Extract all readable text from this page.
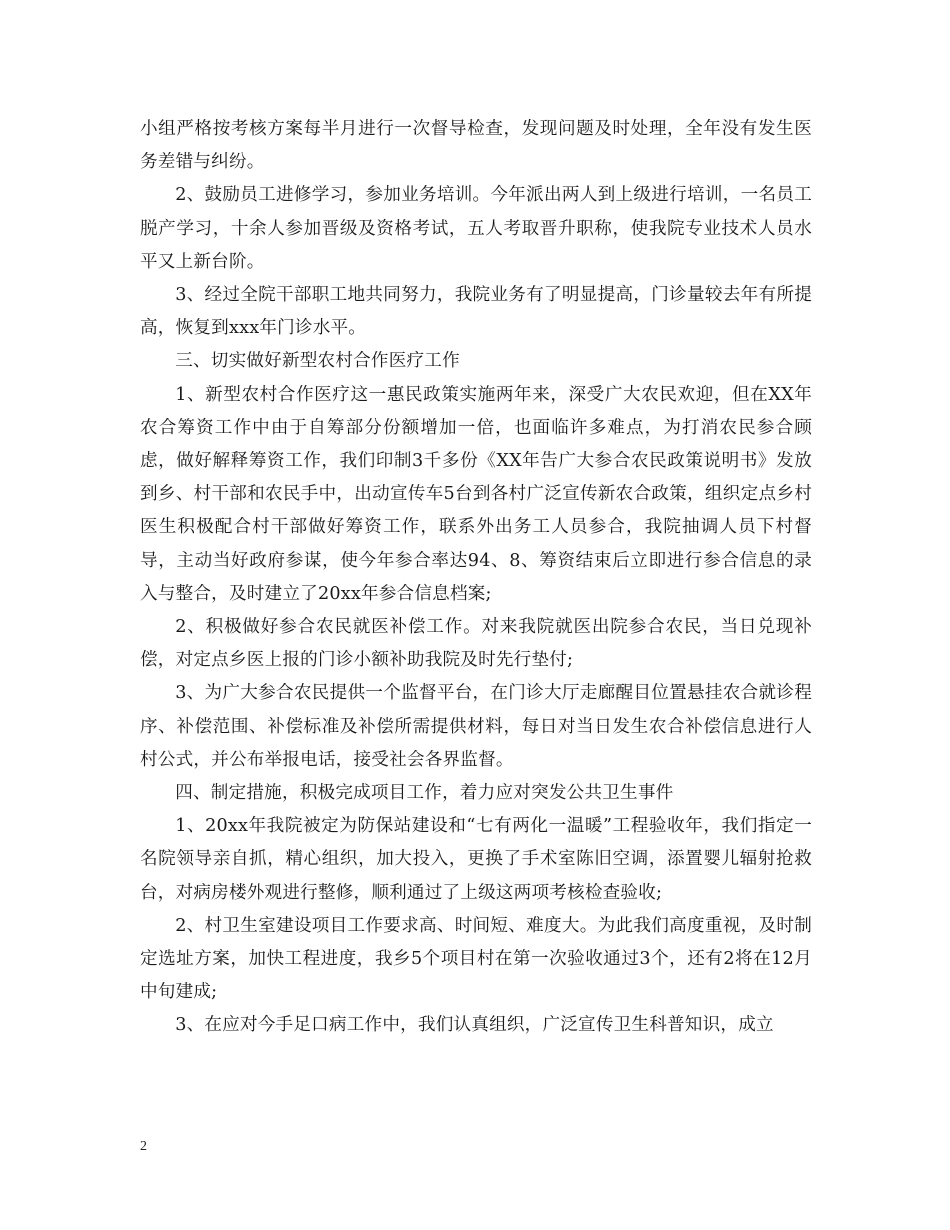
小组严格按考核方案每半月进行一次督导检查，发现问题及时处理，全年没有发生医务差错与纠纷。

2、鼓励员工进修学习，参加业务培训。今年派出两人到上级进行培训，一名员工脱产学习，十余人参加晋级及资格考试，五人考取晋升职称，使我院专业技术人员水平又上新台阶。

3、经过全院干部职工地共同努力，我院业务有了明显提高，门诊量较去年有所提高，恢复到xxx年门诊水平。

三、切实做好新型农村合作医疗工作

1、新型农村合作医疗这一惠民政策实施两年来，深受广大农民欢迎，但在XX年农合筹资工作中由于自筹部分份额增加一倍，也面临许多难点，为打消农民参合顾虑，做好解释筹资工作，我们印制3千多份《XX年告广大参合农民政策说明书》发放到乡、村干部和农民手中，出动宣传车5台到各村广泛宣传新农合政策，组织定点乡村医生积极配合村干部做好筹资工作，联系外出务工人员参合，我院抽调人员下村督导，主动当好政府参谋，使今年参合率达94、8、筹资结束后立即进行参合信息的录入与整合，及时建立了20xx年参合信息档案;

2、积极做好参合农民就医补偿工作。对来我院就医出院参合农民，当日兑现补偿，对定点乡医上报的门诊小额补助我院及时先行垫付;

3、为广大参合农民提供一个监督平台，在门诊大厅走廊醒目位置悬挂农合就诊程序、补偿范围、补偿标准及补偿所需提供材料，每日对当日发生农合补偿信息进行人村公式，并公布举报电话，接受社会各界监督。

四、制定措施，积极完成项目工作，着力应对突发公共卫生事件

1、20xx年我院被定为防保站建设和“七有两化一温暖”工程验收年，我们指定一名院领导亲自抓，精心组织，加大投入，更换了手术室陈旧空调，添置婴儿辐射抢救台，对病房楼外观进行整修，顺利通过了上级这两项考核检查验收;

2、村卫生室建设项目工作要求高、时间短、难度大。为此我们高度重视，及时制定选址方案，加快工程进度，我乡5个项目村在第一次验收通过3个，还有2将在12月中旬建成;

3、在应对今手足口病工作中，我们认真组织，广泛宣传卫生科普知识，成立

2
